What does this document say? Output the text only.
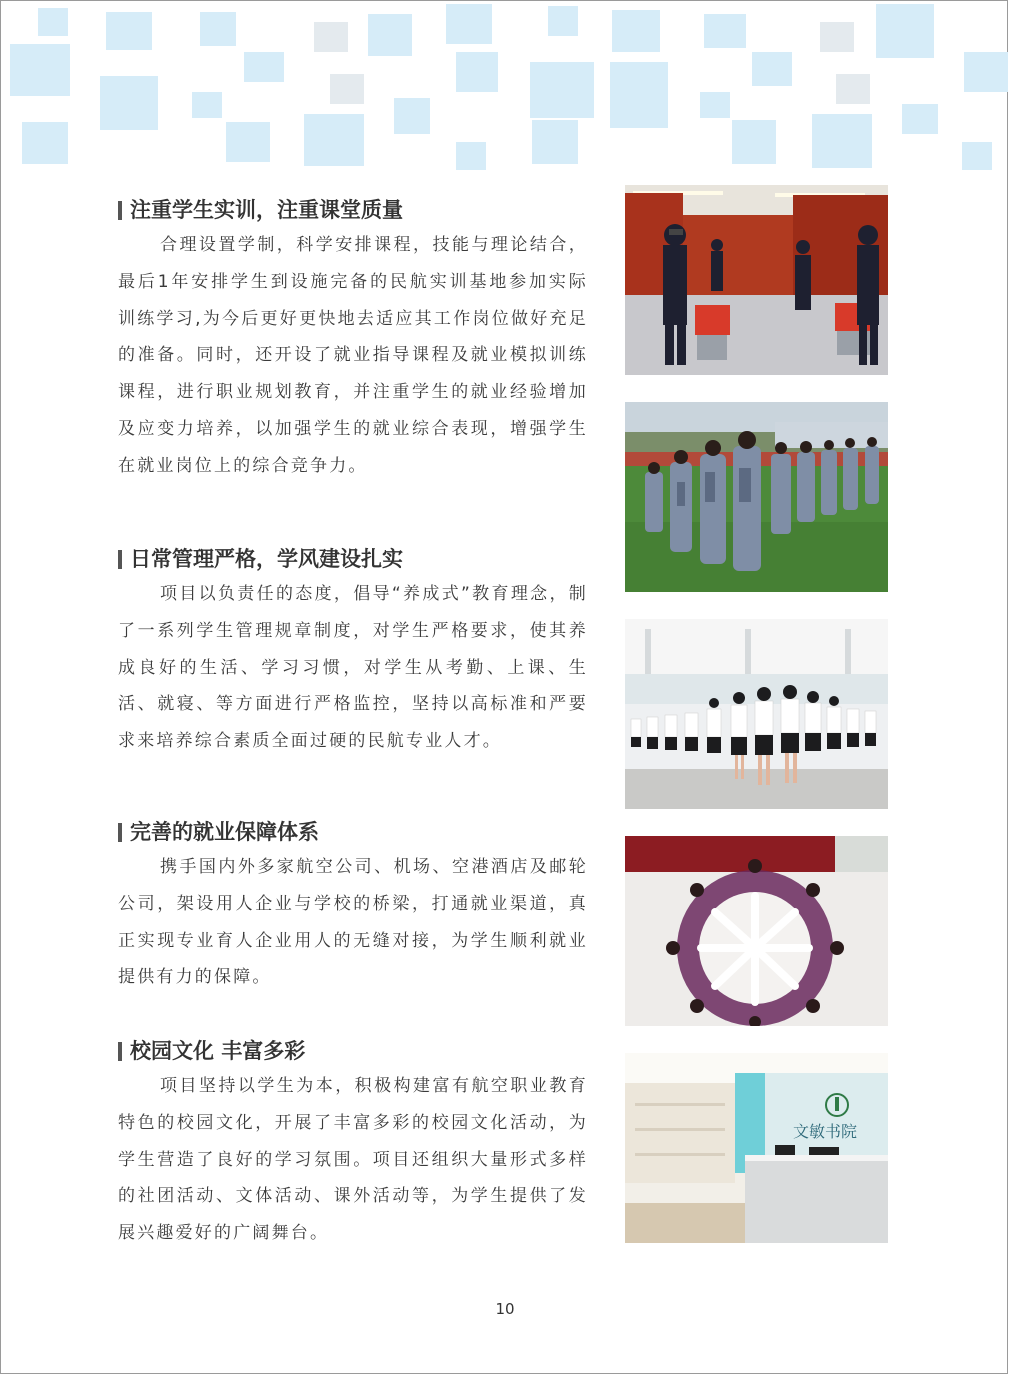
注重学生实训，注重课堂质量

合理设置学制，科学安排课程，技能与理论结合，最后1年安排学生到设施完备的民航实训基地参加实际训练学习,为今后更好更快地去适应其工作岗位做好充足的准备。同时，还开设了就业指导课程及就业模拟训练课程，进行职业规划教育，并注重学生的就业经验增加及应变力培养，以加强学生的就业综合表现，增强学生在就业岗位上的综合竞争力。

日常管理严格，学风建设扎实

项目以负责任的态度，倡导“养成式”教育理念，制了一系列学生管理规章制度，对学生严格要求，使其养成良好的生活、学习习惯，对学生从考勤、上课、生活、就寝、等方面进行严格监控，坚持以高标准和严要求来培养综合素质全面过硬的民航专业人才。

完善的就业保障体系

携手国内外多家航空公司、机场、空港酒店及邮轮公司，架设用人企业与学校的桥梁，打通就业渠道，真正实现专业育人企业用人的无缝对接，为学生顺利就业提供有力的保障。

校园文化 丰富多彩

项目坚持以学生为本，积极构建富有航空职业教育特色的校园文化，开展了丰富多彩的校园文化活动，为学生营造了良好的学习氛围。项目还组织大量形式多样的社团活动、文体活动、课外活动等，为学生提供了发展兴趣爱好的广阔舞台。

文敏书院
10
